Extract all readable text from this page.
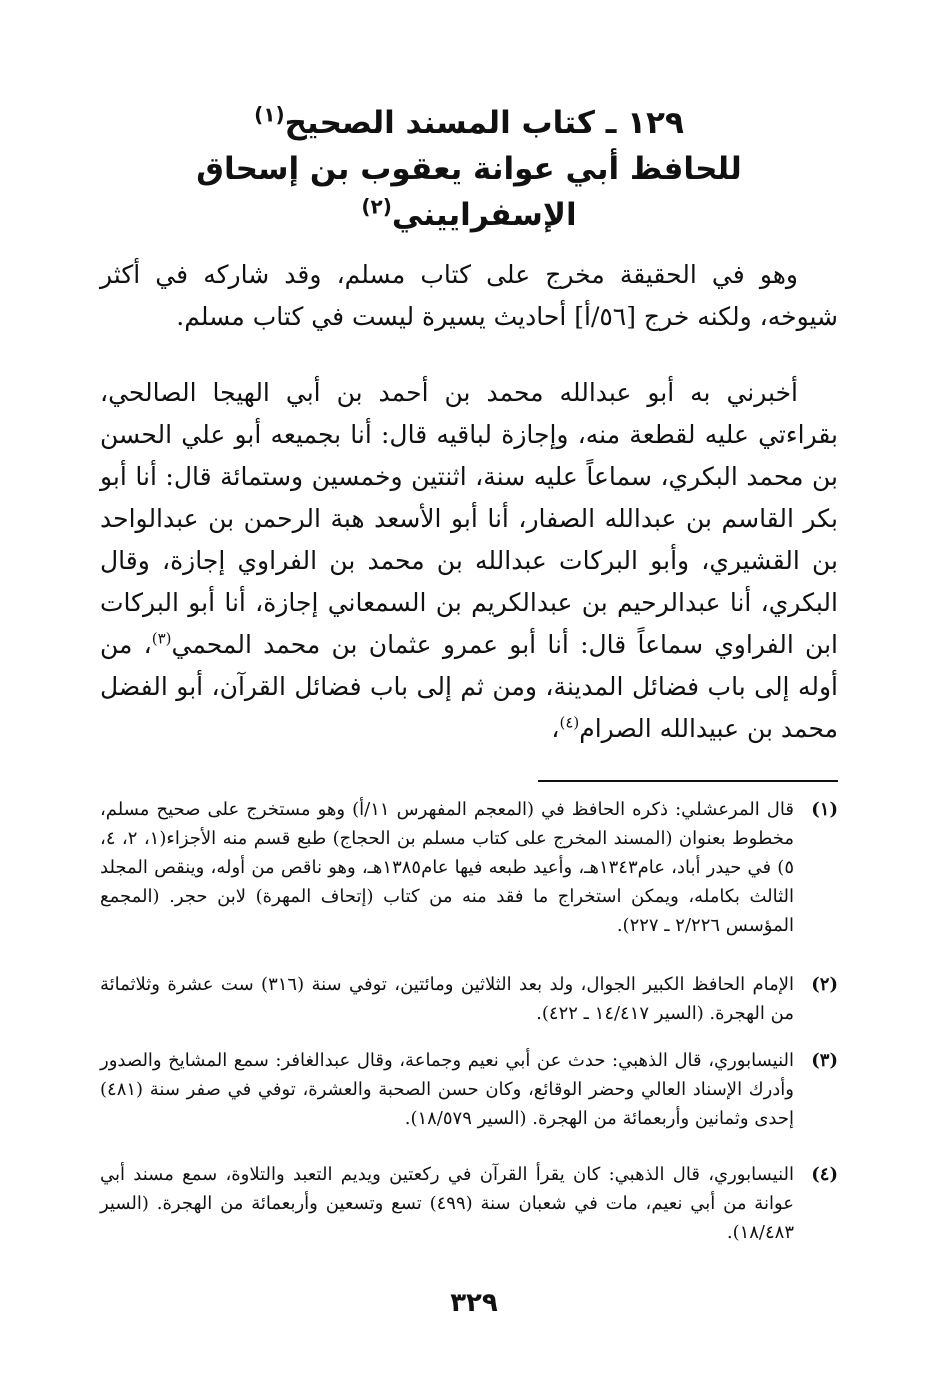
١٢٩ ـ كتاب المسند الصحيح$^{(١)}$
للحافظ أبي عوانة يعقوب بن إسحاق الإسفراييني$^{(٢)}$
وهو في الحقيقة مخرج على كتاب مسلم، وقد شاركه في أكثر شيوخه، ولكنه خرج [٥٦/أ] أحاديث يسيرة ليست في كتاب مسلم.
أخبرني به أبو عبدالله محمد بن أحمد بن أبي الهيجا الصالحي، بقراءتي عليه لقطعة منه، وإجازة لباقيه قال: أنا بجميعه أبو علي الحسن بن محمد البكري، سماعاً عليه سنة، اثنتين وخمسين وستمائة قال: أنا أبو بكر القاسم بن عبدالله الصفار، أنا أبو الأسعد هبة الرحمن بن عبدالواحد بن القشيري، وأبو البركات عبدالله بن محمد بن الفراوي إجازة، وقال البكري، أنا عبدالرحيم بن عبدالكريم بن السمعاني إجازة، أنا أبو البركات ابن الفراوي سماعاً قال: أنا أبو عمرو عثمان بن محمد المحمي$^{(٣)}$، من أوله إلى باب فضائل المدينة، ومن ثم إلى باب فضائل القرآن، أبو الفضل محمد بن عبيدالله الصرام$^{(٤)}$،
(١)
قال المرعشلي: ذكره الحافظ في (المعجم المفهرس ١١/أ) وهو مستخرج على صحيح مسلم، مخطوط بعنوان (المسند المخرج على كتاب مسلم بن الحجاج) طبع قسم منه الأجزاء(١، ٢، ٤، ٥) في حيدر أباد، عام١٣٤٣هـ، وأعيد طبعه فيها عام١٣٨٥هـ، وهو ناقص من أوله، وينقص المجلد الثالث بكامله، ويمكن استخراج ما فقد منه من كتاب (إتحاف المهرة) لابن حجر. (المجمع المؤسس ٢/٢٢٦ ـ ٢٢٧).
(٢)
الإمام الحافظ الكبير الجوال، ولد بعد الثلاثين ومائتين، توفي سنة (٣١٦) ست عشرة وثلاثمائة من الهجرة. (السير ١٤/٤١٧ ـ ٤٢٢).
(٣)
النيسابوري، قال الذهبي: حدث عن أبي نعيم وجماعة، وقال عبدالغافر: سمع المشايخ والصدور وأدرك الإسناد العالي وحضر الوقائع، وكان حسن الصحبة والعشرة، توفي في صفر سنة (٤٨١) إحدى وثمانين وأربعمائة من الهجرة. (السير ١٨/٥٧٩).
(٤)
النيسابوري، قال الذهبي: كان يقرأ القرآن في ركعتين ويديم التعبد والتلاوة، سمع مسند أبي عوانة من أبي نعيم، مات في شعبان سنة (٤٩٩) تسع وتسعين وأربعمائة من الهجرة. (السير ١٨/٤٨٣).
٣٢٩
